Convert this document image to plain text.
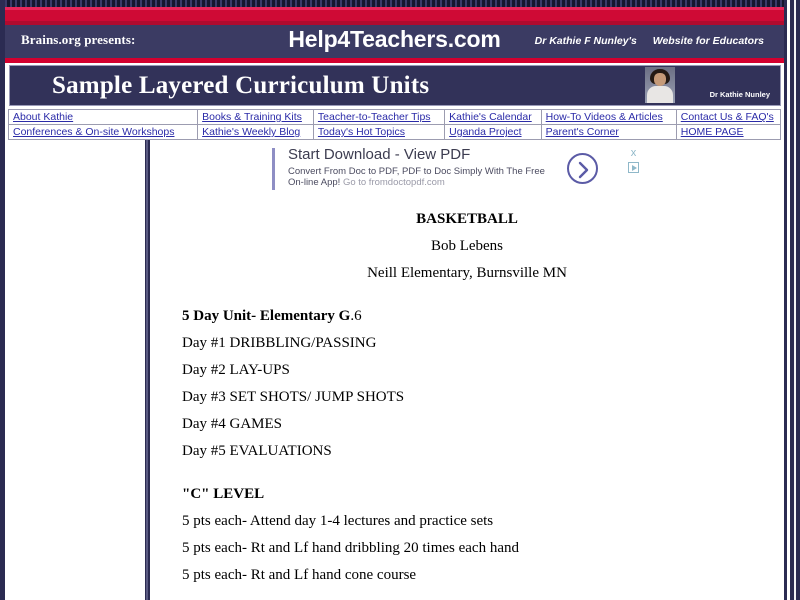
Brains.org presents:	Help4Teachers.com	Dr Kathie F Nunley's Website for Educators
Sample Layered Curriculum Units	Dr Kathie Nunley
About Kathie	Books & Training Kits	Teacher-to-Teacher Tips	Kathie's Calendar	How-To Videos & Articles	Contact Us & FAQ's
Conferences & On-site Workshops	Kathie's Weekly Blog	Today's Hot Topics	Uganda Project	Parent's Corner	HOME PAGE
Start Download - View PDF
Convert From Doc to PDF, PDF to Doc Simply With The Free
On-line App! Go to fromdoctopdf.com
x

BASKETBALL

Bob Lebens

Neill Elementary, Burnsville MN

5 Day Unit- Elementary G.6

Day #1 DRIBBLING/PASSING

Day #2 LAY-UPS

Day #3 SET SHOTS/ JUMP SHOTS

Day #4 GAMES

Day #5 EVALUATIONS

"C" LEVEL

5 pts each- Attend day 1-4 lectures and practice sets

5 pts each- Rt and Lf hand dribbling 20 times each hand

5 pts each- Rt and Lf hand cone course
